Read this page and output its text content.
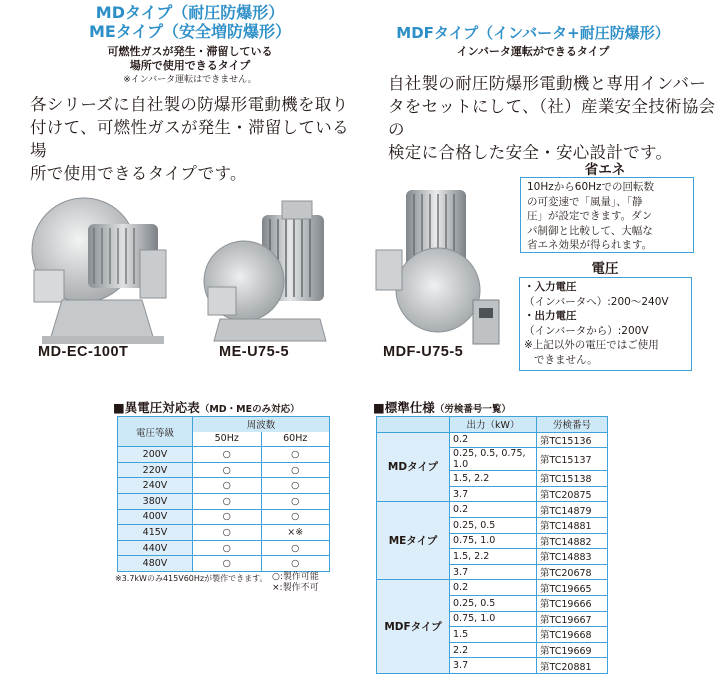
MDタイプ（耐圧防爆形）
MEタイプ（安全増防爆形）
可燃性ガスが発生・滞留している
場所で使用できるタイプ
※インバータ運転はできません。
各シリーズに自社製の防爆形電動機を取り
付けて、可燃性ガスが発生・滞留している場
所で使用できるタイプです。
MDFタイプ（インバータ+耐圧防爆形）
インバータ運転ができるタイプ
自社製の耐圧防爆形電動機と専用インバー
タをセットにして、（社）産業安全技術協会の
検定に合格した安全・安心設計です。
MD-EC-100T	ME-U75-5	MDF-U75-5
省エネ
10Hzから60Hzでの回転数
の可変速で「風量」、「静
圧」が設定できます。ダン
パ制御と比較して、大幅な
省エネ効果が得られます。
電圧
・入力電圧
（インバータへ）:200～240V
・出力電圧
（インバータから）:200V
※上記以外の電圧ではご使用
できません。
■異電圧対応表（MD・MEのみ対応）
電圧等級	周波数	
	50Hz	60Hz
200V	○	○
220V	○	○
240V	○	○
380V	○	○
400V	○	○
415V	○	×※
440V	○	○
480V	○	○
※3.7kWのみ415V60Hzが製作できます。 ○:製作可能
×:製作不可
■標準仕様（労検番号一覧）
	出力（kW）	労検番号
MDタイプ	0.2	第TC15136
	0.25, 0.5, 0.75, 1.0	第TC15137
	1.5, 2.2	第TC15138
	3.7	第TC20875
MEタイプ	0.2	第TC14879
	0.25, 0.5	第TC14881
	0.75, 1.0	第TC14882
	1.5, 2.2	第TC14883
	3.7	第TC20678
MDFタイプ	0.2	第TC19665
	0.25, 0.5	第TC19666
	0.75, 1.0	第TC19667
	1.5	第TC19668
	2.2	第TC19669
	3.7	第TC20881
